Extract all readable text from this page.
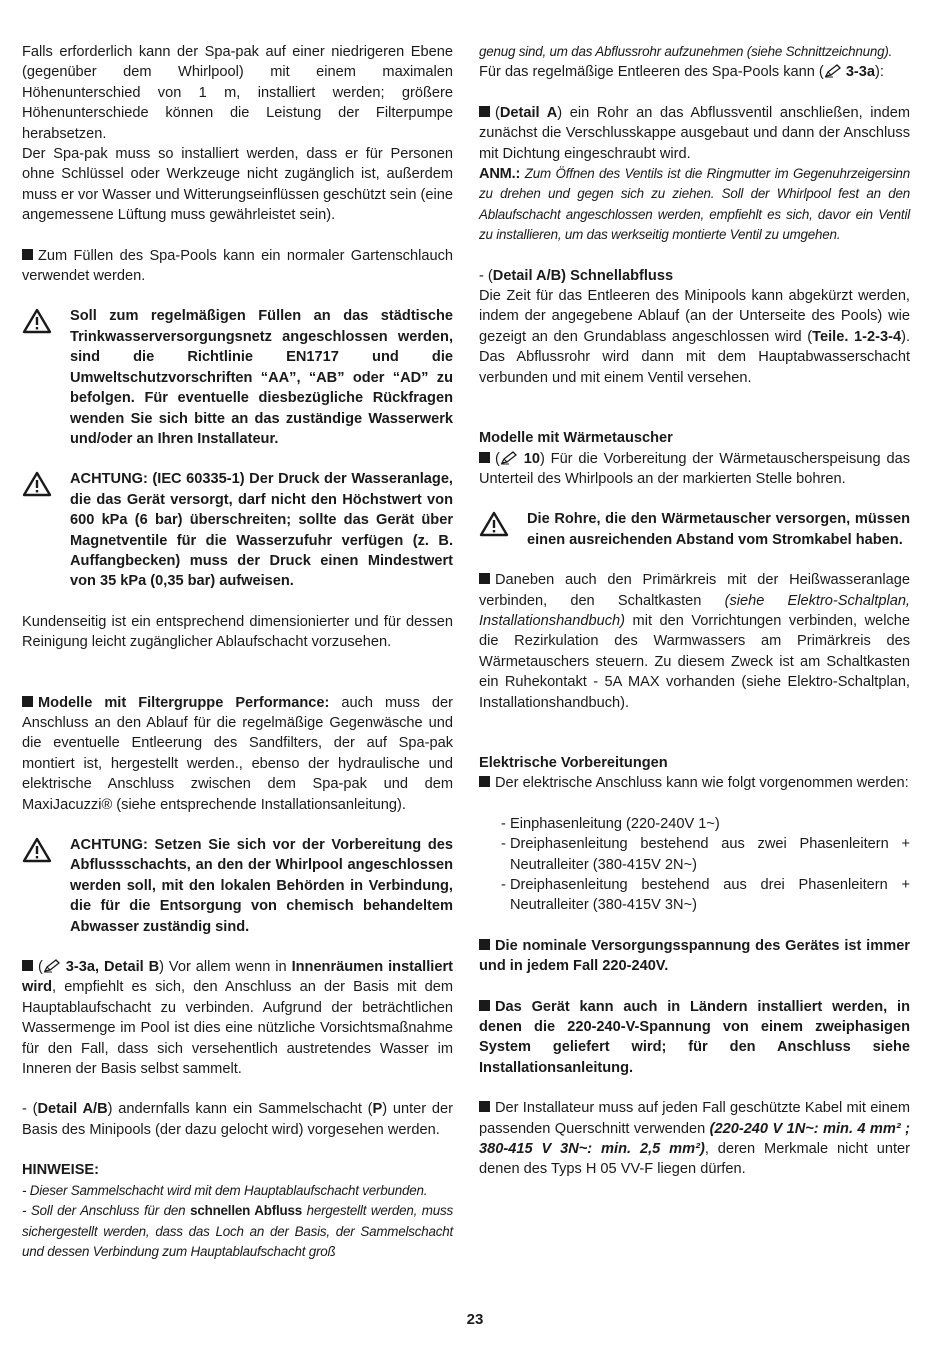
Falls erforderlich kann der Spa-pak auf einer niedrigeren Ebene (gegenüber dem Whirlpool) mit einem maximalen Höhenunterschied von 1 m, installiert werden; größere Höhenunterschiede können die Leistung der Filterpumpe herabsetzen.

Der Spa-pak muss so installiert werden, dass er für Personen ohne Schlüssel oder Werkzeuge nicht zugänglich ist, außerdem muss er vor Wasser und Witterungseinflüssen geschützt sein (eine angemessene Lüftung muss gewährleistet sein).

Zum Füllen des Spa-Pools kann ein normaler Gartenschlauch verwendet werden.

Soll zum regelmäßigen Füllen an das städtische Trinkwasserversorgungsnetz angeschlossen werden, sind die Richtlinie EN1717 und die Umweltschutzvorschriften “AA”, “AB” oder “AD” zu befolgen. Für eventuelle diesbezügliche Rückfragen wenden Sie sich bitte an das zuständige Wasserwerk und/oder an Ihren Installateur.
ACHTUNG: (IEC 60335-1) Der Druck der Wasseranlage, die das Gerät versorgt, darf nicht den Höchstwert von 600 kPa (6 bar) überschreiten; sollte das Gerät über Magnetventile für die Wasserzufuhr verfügen (z. B. Auffangbecken) muss der Druck einen Mindestwert von 35 kPa (0,35 bar) aufweisen.

Kundenseitig ist ein entsprechend dimensionierter und für dessen Reinigung leicht zugänglicher Ablaufschacht vorzusehen.

Modelle mit Filtergruppe Performance: auch muss der Anschluss an den Ablauf für die regelmäßige Gegenwäsche und die eventuelle Entleerung des Sandfilters, der auf Spa-pak montiert ist, hergestellt werden., ebenso der hydraulische und elektrische Anschluss zwischen dem Spa-pak und dem MaxiJacuzzi® (siehe entsprechende Installationsanleitung).

ACHTUNG: Setzen Sie sich vor der Vorbereitung des Abflussschachts, an den der Whirlpool angeschlossen werden soll, mit den lokalen Behörden in Verbindung, die für die Entsorgung von chemisch behandeltem Abwasser zuständig sind.

( 3-3a, Detail B) Vor allem wenn in Innenräumen installiert wird, empfiehlt es sich, den Anschluss an der Basis mit dem Hauptablaufschacht zu verbinden. Aufgrund der beträchtlichen Wassermenge im Pool ist dies eine nützliche Vorsichtsmaßnahme für den Fall, dass sich versehentlich austretendes Wasser im Inneren der Basis selbst sammelt.

- (Detail A/B) andernfalls kann ein Sammelschacht (P) unter der Basis des Minipools (der dazu gelocht wird) vorgesehen werden.

HINWEISE:

- Dieser Sammelschacht wird mit dem Hauptablaufschacht verbunden.

- Soll der Anschluss für den schnellen Abfluss hergestellt werden, muss sichergestellt werden, dass das Loch an der Basis, der Sammelschacht und dessen Verbindung zum Hauptablaufschacht groß

genug sind, um das Abflussrohr aufzunehmen (siehe Schnittzeichnung).

Für das regelmäßige Entleeren des Spa-Pools kann ( 3-3a):

(Detail A) ein Rohr an das Abflussventil anschließen, indem zunächst die Verschlusskappe ausgebaut und dann der Anschluss mit Dichtung eingeschraubt wird.

ANM.: Zum Öffnen des Ventils ist die Ringmutter im Gegenuhrzeigersinn zu drehen und gegen sich zu ziehen. Soll der Whirlpool fest an den Ablaufschacht angeschlossen werden, empfiehlt es sich, davor ein Ventil zu installieren, um das werkseitig montierte Ventil zu umgehen.

- (Detail A/B) Schnellabfluss

Die Zeit für das Entleeren des Minipools kann abgekürzt werden, indem der angegebene Ablauf (an der Unterseite des Pools) wie gezeigt an den Grundablass angeschlossen wird (Teile. 1-2-3-4). Das Abflussrohr wird dann mit dem Hauptabwasserschacht verbunden und mit einem Ventil versehen.

Modelle mit Wärmetauscher

( 10) Für die Vorbereitung der Wärmetauscherspeisung das Unterteil des Whirlpools an der markierten Stelle bohren.

Die Rohre, die den Wärmetauscher versorgen, müssen einen ausreichenden Abstand vom Stromkabel haben.

Daneben auch den Primärkreis mit der Heißwasseranlage verbinden, den Schaltkasten (siehe Elektro-Schaltplan, Installationshandbuch) mit den Vorrichtungen verbinden, welche die Rezirkulation des Warmwassers am Primärkreis des Wärmetauschers steuern. Zu diesem Zweck ist am Schaltkasten ein Ruhekontakt - 5A MAX vorhanden (siehe Elektro-Schaltplan, Installationshandbuch).

Elektrische Vorbereitungen

Der elektrische Anschluss kann wie folgt vorgenommen werden:

- Einphasenleitung (220-240V 1~)
- Dreiphasenleitung bestehend aus zwei Phasenleitern + Neutralleiter (380-415V 2N~)
- Dreiphasenleitung bestehend aus drei Phasenleitern + Neutralleiter (380-415V 3N~)

Die nominale Versorgungsspannung des Gerätes ist immer und in jedem Fall 220-240V.

Das Gerät kann auch in Ländern installiert werden, in denen die 220-240-V-Spannung von einem zweiphasigen System geliefert wird; für den Anschluss siehe Installationsanleitung.

Der Installateur muss auf jeden Fall geschützte Kabel mit einem passenden Querschnitt verwenden (220-240 V 1N~: min. 4 mm² ; 380-415 V 3N~: min. 2,5 mm²), deren Merkmale nicht unter denen des Typs H 05 VV-F liegen dürfen.

23
